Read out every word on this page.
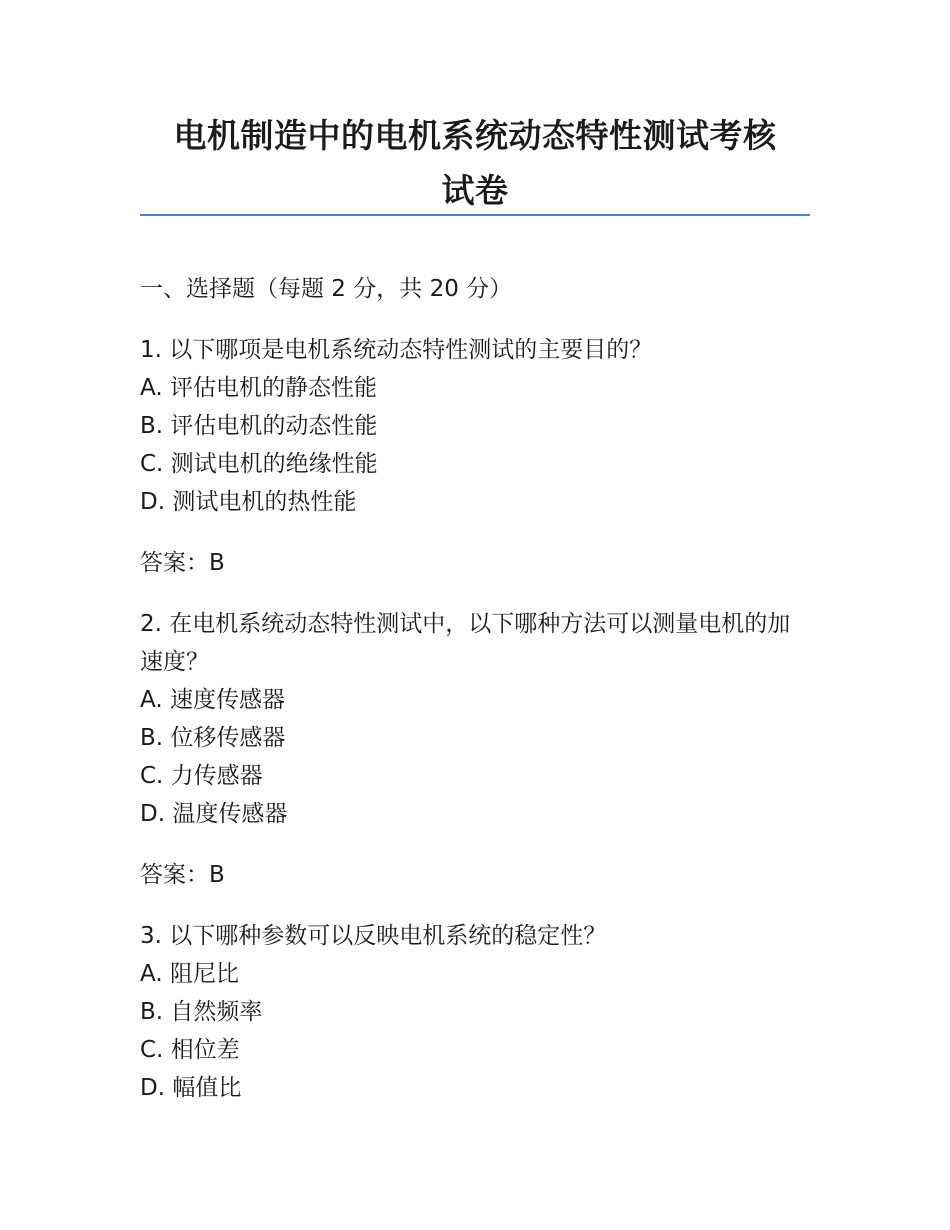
电机制造中的电机系统动态特性测试考核
试卷

一、选择题（每题 2 分，共 20 分）

1. 以下哪项是电机系统动态特性测试的主要目的？

A. 评估电机的静态性能

B. 评估电机的动态性能

C. 测试电机的绝缘性能

D. 测试电机的热性能

答案：B

2. 在电机系统动态特性测试中，以下哪种方法可以测量电机的加速度？

A. 速度传感器

B. 位移传感器

C. 力传感器

D. 温度传感器

答案：B

3. 以下哪种参数可以反映电机系统的稳定性？

A. 阻尼比

B. 自然频率

C. 相位差

D. 幅值比
